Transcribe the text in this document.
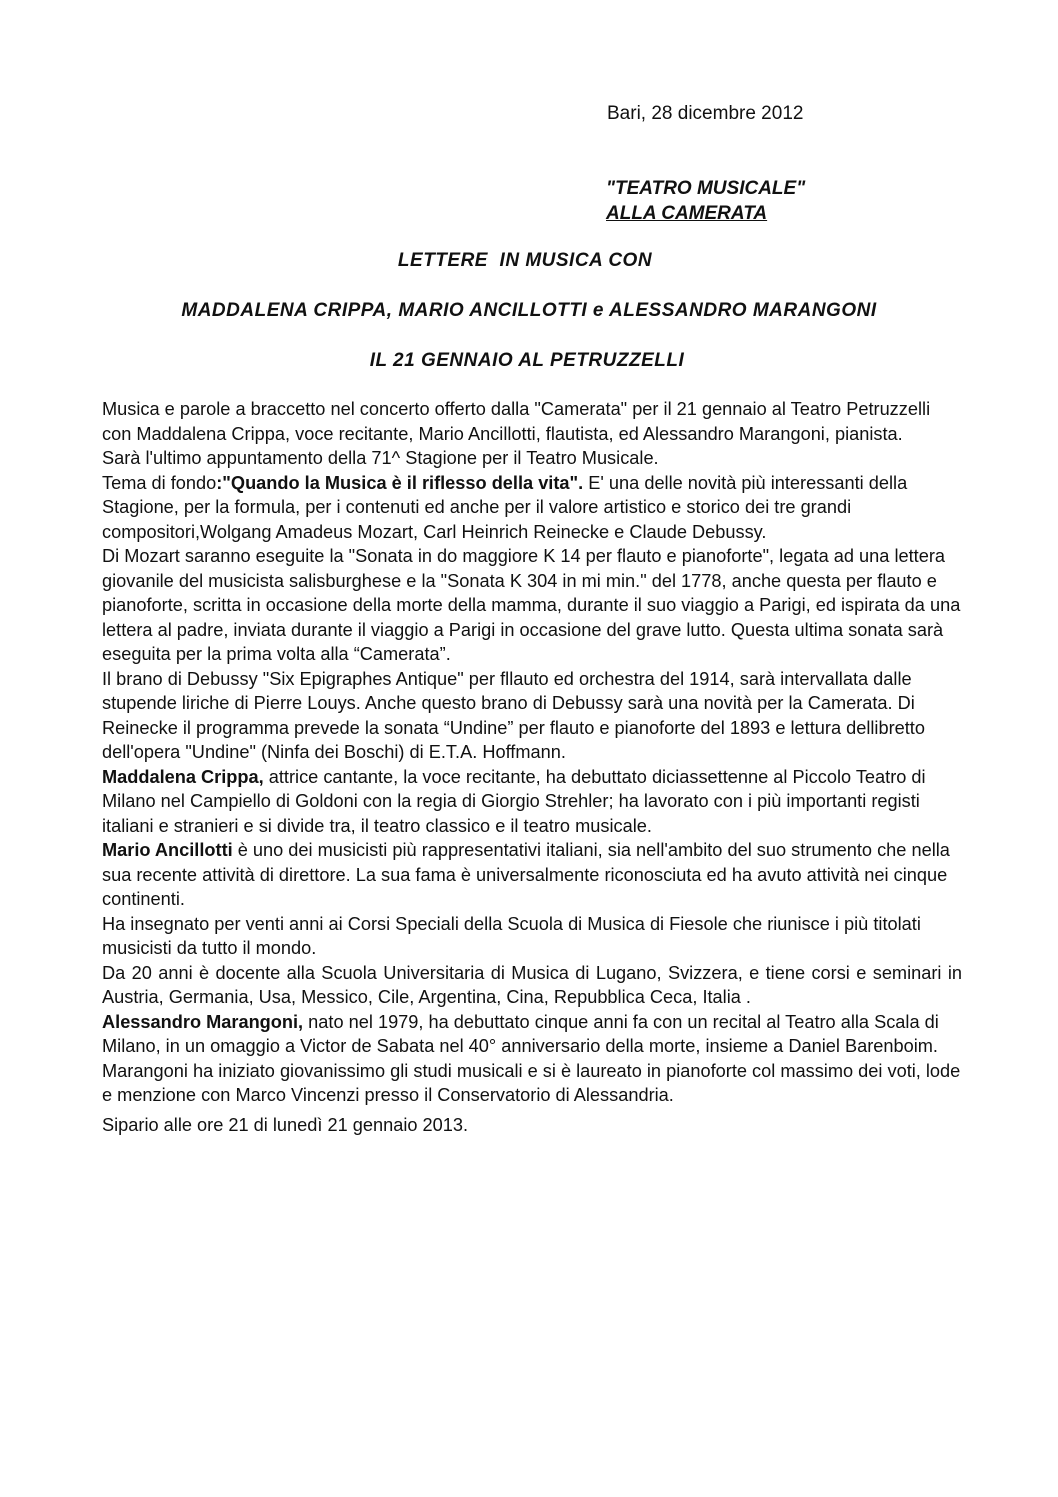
Bari, 28 dicembre 2012
"TEATRO MUSICALE"
ALLA CAMERATA
LETTERE  IN MUSICA CON
MADDALENA CRIPPA, MARIO ANCILLOTTI e ALESSANDRO MARANGONI
IL 21 GENNAIO AL PETRUZZELLI

Musica e parole a braccetto nel concerto offerto dalla "Camerata" per il 21 gennaio al Teatro Petruzzelli con Maddalena Crippa, voce recitante, Mario Ancillotti, flautista, ed Alessandro Marangoni, pianista.

Sarà l'ultimo appuntamento della 71^ Stagione per il Teatro Musicale.

Tema di fondo:"Quando la Musica è il riflesso della vita". E' una delle novità più interessanti della Stagione, per la formula, per i contenuti ed anche per il valore artistico e storico dei tre grandi compositori,Wolgang Amadeus Mozart, Carl Heinrich Reinecke e Claude Debussy.

Di Mozart saranno eseguite la "Sonata in do maggiore K 14 per flauto e pianoforte", legata ad una lettera giovanile del musicista salisburghese e la "Sonata K 304 in mi min." del 1778, anche questa per flauto e pianoforte, scritta in occasione della morte della mamma, durante il suo viaggio a Parigi, ed ispirata da una lettera al padre, inviata durante il viaggio a Parigi in occasione del grave lutto. Questa ultima sonata sarà eseguita per la prima volta alla “Camerata”.

Il brano di Debussy "Six Epigraphes Antique" per fllauto ed orchestra del 1914, sarà intervallata dalle stupende liriche di Pierre Louys. Anche questo brano di Debussy sarà una novità per la Camerata. Di Reinecke il programma prevede la sonata “Undine” per flauto e pianoforte del 1893 e lettura dellibretto dell'opera "Undine" (Ninfa dei Boschi) di E.T.A. Hoffmann.

Maddalena Crippa, attrice cantante, la voce recitante, ha debuttato diciassettenne al Piccolo Teatro di Milano nel Campiello di Goldoni con la regia di Giorgio Strehler; ha lavorato con i più importanti registi italiani e stranieri e si divide tra, il teatro classico e il teatro musicale.

Mario Ancillotti è uno dei musicisti più rappresentativi italiani, sia nell'ambito del suo strumento che nella sua recente attività di direttore. La sua fama è universalmente riconosciuta ed ha avuto attività nei cinque continenti.

Ha insegnato per venti anni ai Corsi Speciali della Scuola di Musica di Fiesole che riunisce i più titolati musicisti da tutto il mondo.

Da 20 anni è docente alla Scuola Universitaria di Musica di Lugano, Svizzera, e tiene corsi e seminari in Austria, Germania, Usa, Messico, Cile, Argentina, Cina, Repubblica Ceca, Italia .

Alessandro Marangoni, nato nel 1979, ha debuttato cinque anni fa con un recital al Teatro alla Scala di Milano, in un omaggio a Victor de Sabata nel 40° anniversario della morte, insieme a Daniel Barenboim.

Marangoni ha iniziato giovanissimo gli studi musicali e si è laureato in pianoforte col massimo dei voti, lode e menzione con Marco Vincenzi presso il Conservatorio di Alessandria.

Sipario alle ore 21 di lunedì 21 gennaio 2013.
